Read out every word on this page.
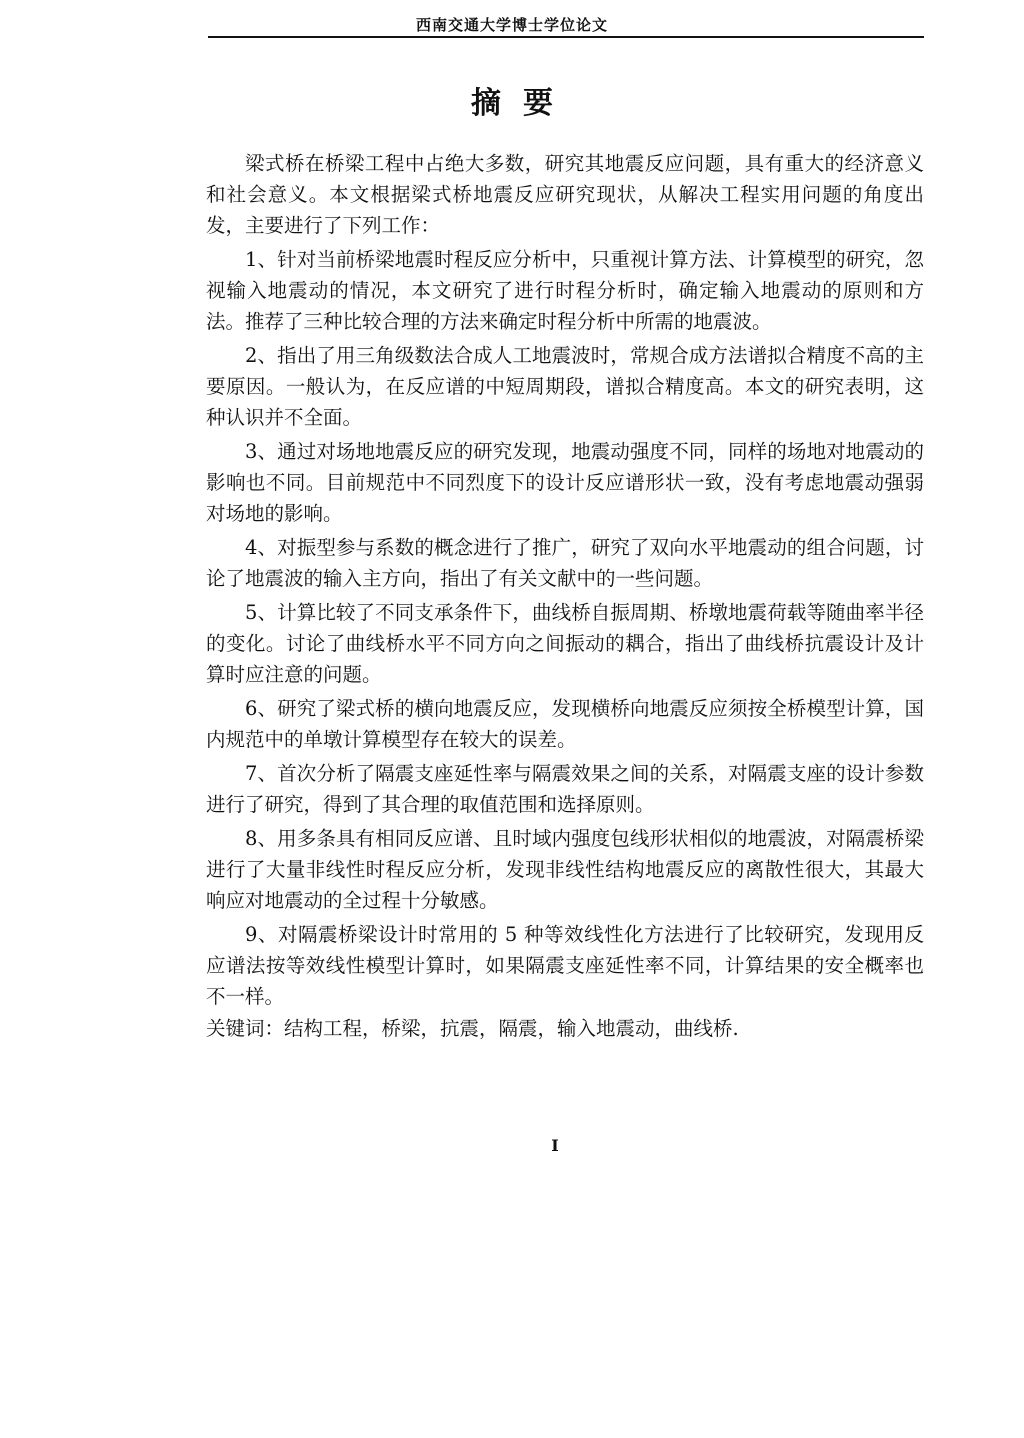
西南交通大学博士学位论文
摘要

梁式桥在桥梁工程中占绝大多数，研究其地震反应问题，具有重大的经济意义和社会意义。本文根据梁式桥地震反应研究现状，从解决工程实用问题的角度出发，主要进行了下列工作：

1、针对当前桥梁地震时程反应分析中，只重视计算方法、计算模型的研究，忽视输入地震动的情况，本文研究了进行时程分析时，确定输入地震动的原则和方法。推荐了三种比较合理的方法来确定时程分析中所需的地震波。

2、指出了用三角级数法合成人工地震波时，常规合成方法谱拟合精度不高的主要原因。一般认为，在反应谱的中短周期段，谱拟合精度高。本文的研究表明，这种认识并不全面。

3、通过对场地地震反应的研究发现，地震动强度不同，同样的场地对地震动的影响也不同。目前规范中不同烈度下的设计反应谱形状一致，没有考虑地震动强弱对场地的影响。

4、对振型参与系数的概念进行了推广，研究了双向水平地震动的组合问题，讨论了地震波的输入主方向，指出了有关文献中的一些问题。

5、计算比较了不同支承条件下，曲线桥自振周期、桥墩地震荷载等随曲率半径的变化。讨论了曲线桥水平不同方向之间振动的耦合，指出了曲线桥抗震设计及计算时应注意的问题。

6、研究了梁式桥的横向地震反应，发现横桥向地震反应须按全桥模型计算，国内规范中的单墩计算模型存在较大的误差。

7、首次分析了隔震支座延性率与隔震效果之间的关系，对隔震支座的设计参数进行了研究，得到了其合理的取值范围和选择原则。

8、用多条具有相同反应谱、且时域内强度包线形状相似的地震波，对隔震桥梁进行了大量非线性时程反应分析，发现非线性结构地震反应的离散性很大，其最大响应对地震动的全过程十分敏感。

9、对隔震桥梁设计时常用的 5 种等效线性化方法进行了比较研究，发现用反应谱法按等效线性模型计算时，如果隔震支座延性率不同，计算结果的安全概率也不一样。

关键词：结构工程，桥梁，抗震，隔震，输入地震动，曲线桥.
I
